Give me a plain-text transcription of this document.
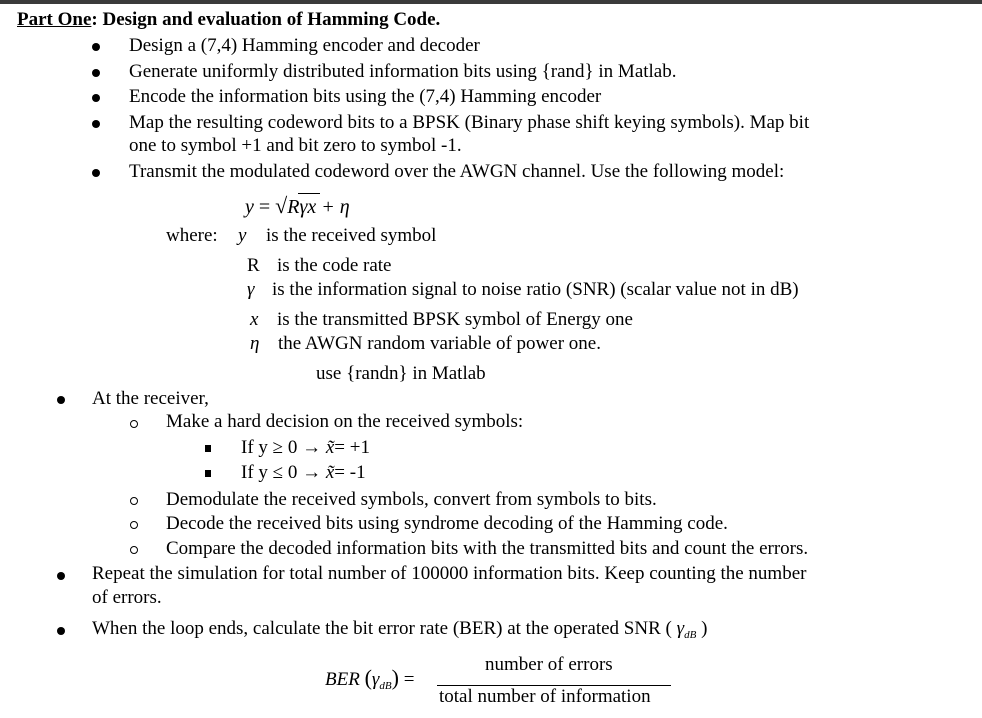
Part One: Design and evaluation of Hamming Code.
Design a (7,4) Hamming encoder and decoder
Generate uniformly distributed information bits using {rand} in Matlab.
Encode the information bits using the (7,4) Hamming encoder
Map the resulting codeword bits to a BPSK (Binary phase shift keying symbols). Map bit
one to symbol +1 and bit zero to symbol -1.
Transmit the modulated codeword over the AWGN channel. Use the following model:
y = √Rγx + η
where: y is the received symbol
R is the code rate
γ is the information signal to noise ratio (SNR) (scalar value not in dB)
x is the transmitted BPSK symbol of Energy one
η the AWGN random variable of power one.
use {randn} in Matlab
At the receiver,
Make a hard decision on the received symbols:
If y ≥ 0 → x̃= +1
If y ≤ 0 → x̃= -1
Demodulate the received symbols, convert from symbols to bits.
Decode the received bits using syndrome decoding of the Hamming code.
Compare the decoded information bits with the transmitted bits and count the errors.
Repeat the simulation for total number of 100000 information bits. Keep counting the number
of errors.
When the loop ends, calculate the bit error rate (BER) at the operated SNR ( $\gamma_{dB}$ )
BER $(\gamma_{dB})$ =
number of errors
total number of information
